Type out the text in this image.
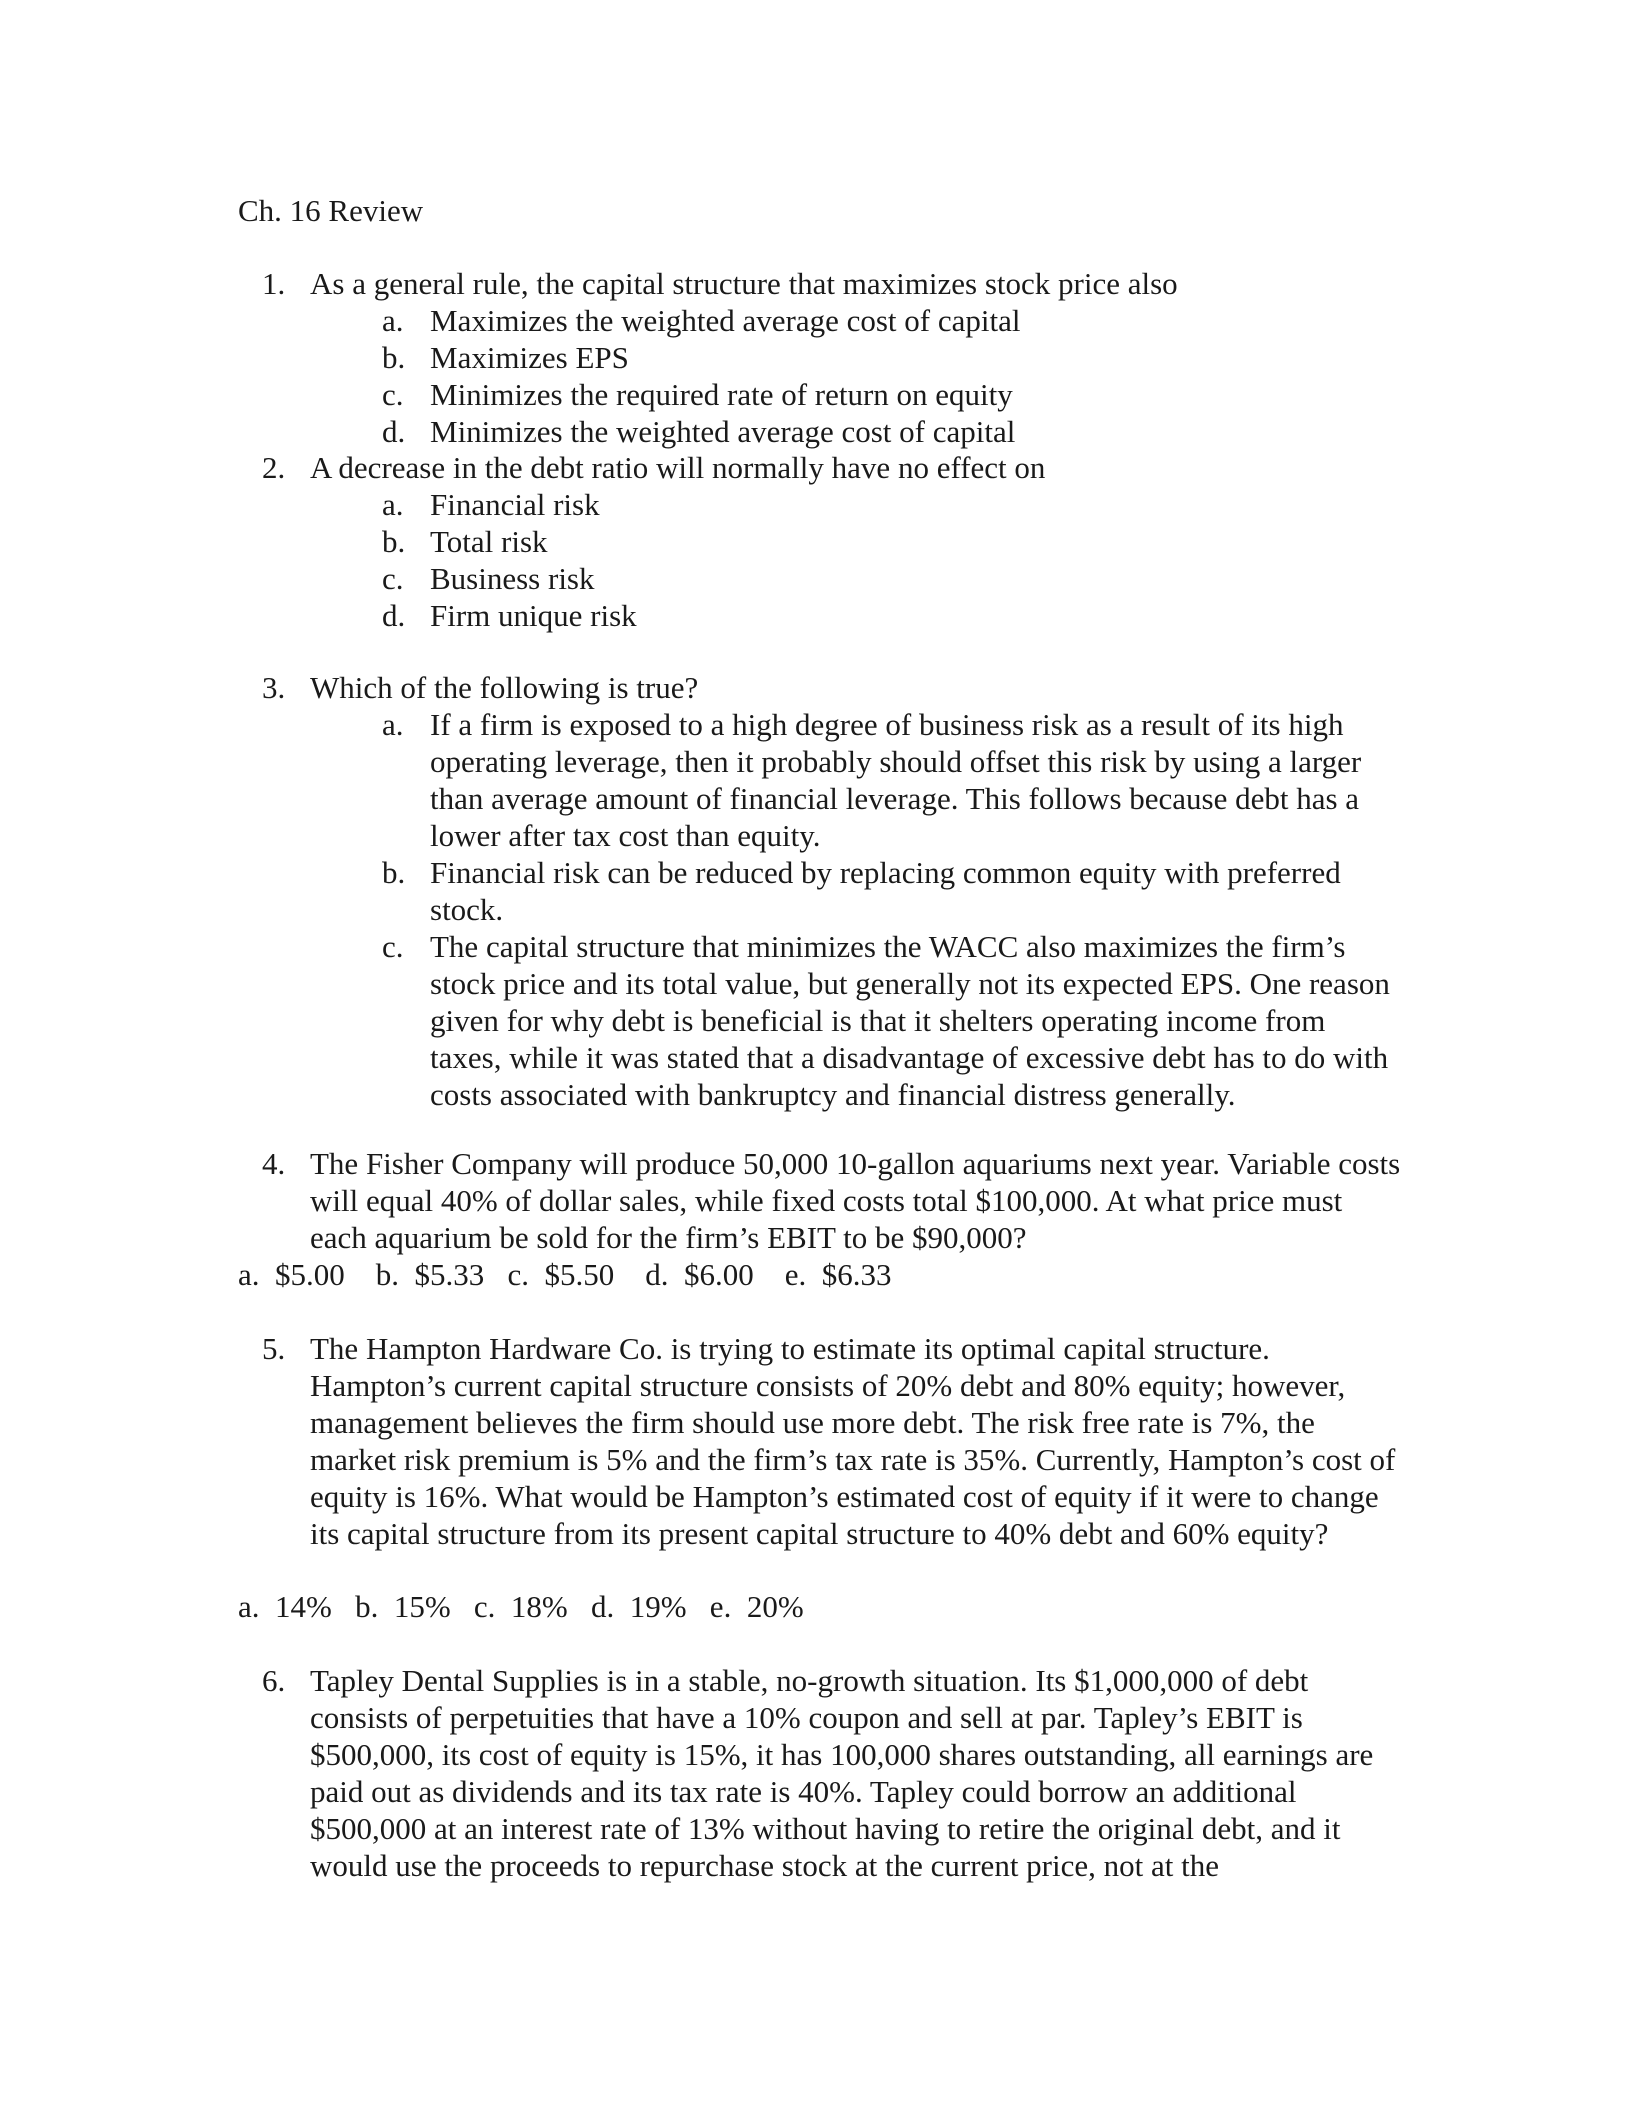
Ch. 16 Review
1. As a general rule, the capital structure that maximizes stock price also
a. Maximizes the weighted average cost of capital
b. Maximizes EPS
c. Minimizes the required rate of return on equity
d. Minimizes the weighted average cost of capital
2. A decrease in the debt ratio will normally have no effect on
a. Financial risk
b. Total risk
c. Business risk
d. Firm unique risk
3. Which of the following is true?
a. If a firm is exposed to a high degree of business risk as a result of its high operating leverage, then it probably should offset this risk by using a larger than average amount of financial leverage. This follows because debt has a lower after tax cost than equity.
b. Financial risk can be reduced by replacing common equity with preferred stock.
c. The capital structure that minimizes the WACC also maximizes the firm’s stock price and its total value, but generally not its expected EPS. One reason given for why debt is beneficial is that it shelters operating income from taxes, while it was stated that a disadvantage of excessive debt has to do with costs associated with bankruptcy and financial distress generally.
4. The Fisher Company will produce 50,000 10-gallon aquariums next year. Variable costs will equal 40% of dollar sales, while fixed costs total $100,000. At what price must each aquarium be sold for the firm’s EBIT to be $90,000?
a.  $5.00    b.  $5.33   c.  $5.50    d.  $6.00    e.  $6.33
5. The Hampton Hardware Co. is trying to estimate its optimal capital structure. Hampton’s current capital structure consists of 20% debt and 80% equity; however, management believes the firm should use more debt. The risk free rate is 7%, the market risk premium is 5% and the firm’s tax rate is 35%. Currently, Hampton’s cost of equity is 16%. What would be Hampton’s estimated cost of equity if it were to change its capital structure from its present capital structure to 40% debt and 60% equity?
a.  14%   b.  15%   c.  18%   d.  19%   e.  20%
6. Tapley Dental Supplies is in a stable, no-growth situation. Its $1,000,000 of debt consists of perpetuities that have a 10% coupon and sell at par. Tapley’s EBIT is $500,000, its cost of equity is 15%, it has 100,000 shares outstanding, all earnings are paid out as dividends and its tax rate is 40%. Tapley could borrow an additional $500,000 at an interest rate of 13% without having to retire the original debt, and it would use the proceeds to repurchase stock at the current price, not at the
